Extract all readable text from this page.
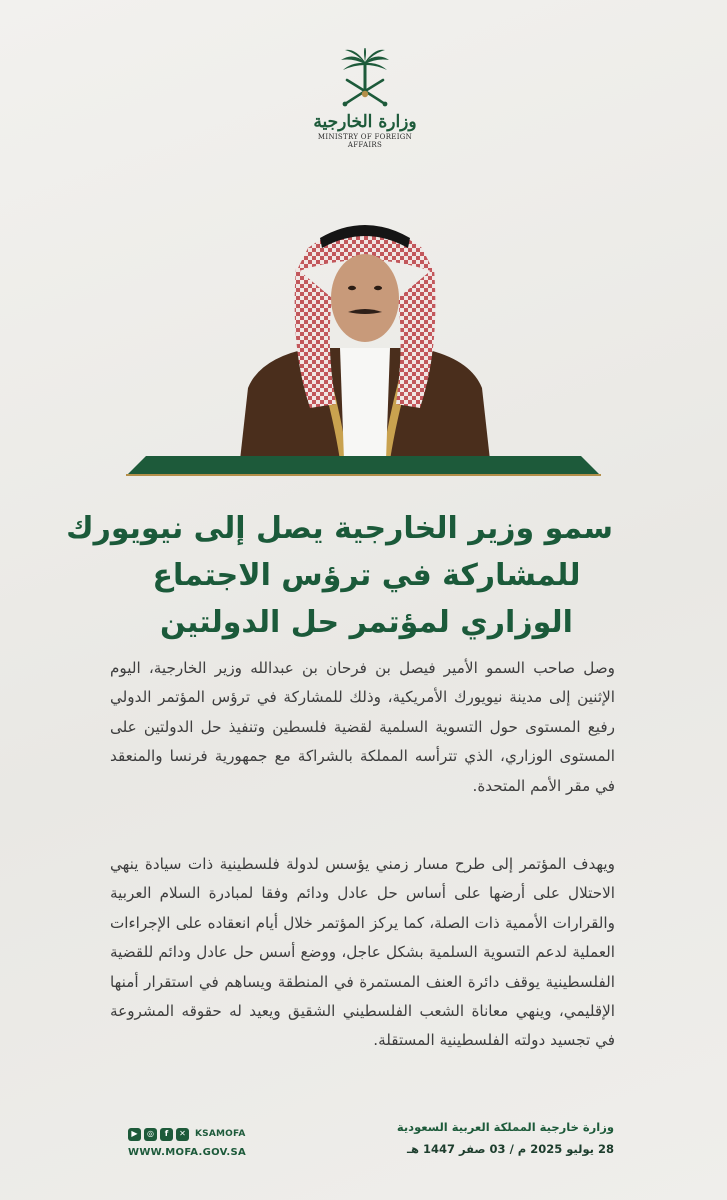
وزارة الخارجية
MINISTRY OF FOREIGN AFFAIRS
سمو وزير الخارجية يصل إلى نيويورك
للمشاركة في ترؤس الاجتماع
الوزاري لمؤتمر حل الدولتين

وصل صاحب السمو الأمير فيصل بن فرحان بن عبدالله وزير الخارجية، اليوم الإثنين إلى مدينة نيويورك الأمريكية، وذلك للمشاركة في ترؤس المؤتمر الدولي رفيع المستوى حول التسوية السلمية لقضية فلسطين وتنفيذ حل الدولتين على المستوى الوزاري، الذي تترأسه المملكة بالشراكة مع جمهورية فرنسا والمنعقد في مقر الأمم المتحدة.

ويهدف المؤتمر إلى طرح مسار زمني يؤسس لدولة فلسطينية ذات سيادة ينهي الاحتلال على أرضها على أساس حل عادل ودائم وفقا لمبادرة السلام العربية والقرارات الأممية ذات الصلة، كما يركز المؤتمر خلال أيام انعقاده على الإجراءات العملية لدعم التسوية السلمية بشكل عاجل، ووضع أسس حل عادل ودائم للقضية الفلسطينية يوقف دائرة العنف المستمرة في المنطقة ويساهم في استقرار أمنها الإقليمي، وينهي معاناة الشعب الفلسطيني الشقيق ويعيد له حقوقه المشروعة في تجسيد دولته الفلسطينية المستقلة.

▶	◎	f	✕	KSAMOFA
WWW.MOFA.GOV.SA
وزارة خارجية المملكة العربية السعودية
28 يوليو 2025 م / 03 صفر 1447 هـ
